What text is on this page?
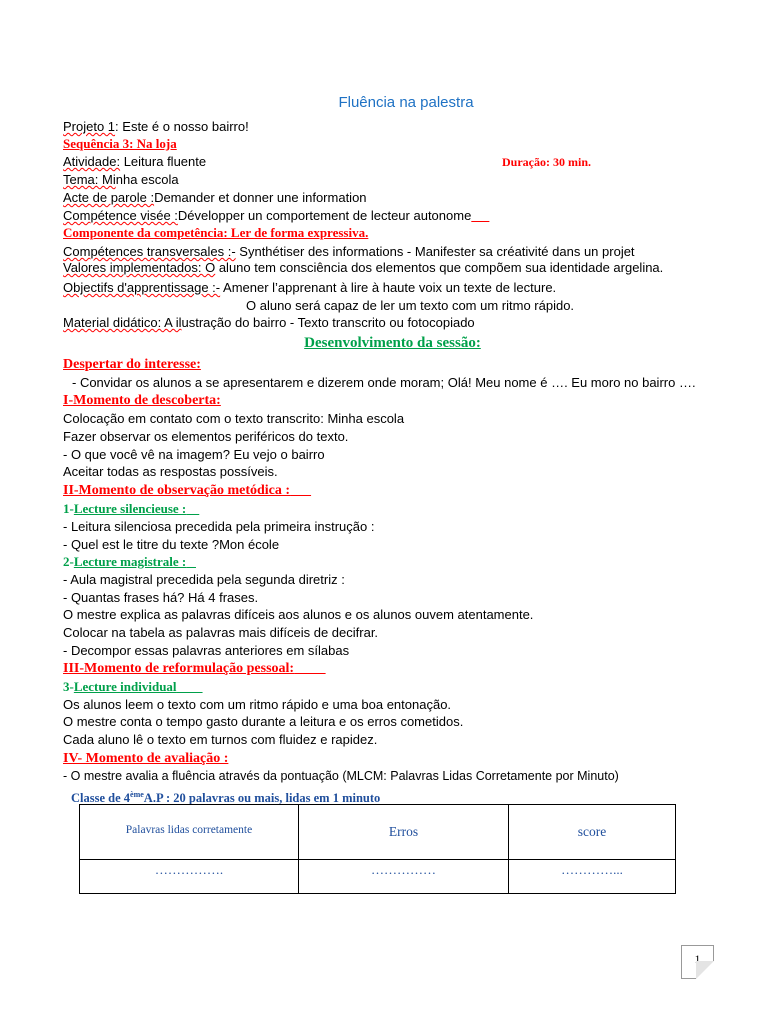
Fluência na palestra
Projeto 1: Este é o nosso bairro!
Sequência 3: Na loja
Atividade: Leitura fluente	Duração: 30 min.
Tema: Minha escola
Acte de parole :Demander et donner une information
Compétence visée :Développer un comportement de lecteur autonome
Componente da competência: Ler de forma expressiva.
Compétences transversales :- Synthétiser des informations - Manifester sa créativité dans un projet
Valores implementados: O aluno tem consciência dos elementos que compõem sua identidade argelina.
Objectifs d'apprentissage :- Amener l’apprenant à lire à haute voix un texte de lecture.
O aluno será capaz de ler um texto com um ritmo rápido.
Material didático: A ilustração do bairro - Texto transcrito ou fotocopiado
Desenvolvimento da sessão:
Despertar do interesse:
- Convidar os alunos a se apresentarem e dizerem onde moram; Olá! Meu nome é …. Eu moro no bairro ….
I-Momento de descoberta:
Colocação em contato com o texto transcrito: Minha escola
Fazer observar os elementos periféricos do texto.
- O que você vê na imagem? Eu vejo o bairro
Aceitar todas as respostas possíveis.
II-Momento de observação metódica :
1-Lecture silencieuse :
- Leitura silenciosa precedida pela primeira instrução :
- Quel est le titre du texte ?Mon école
2-Lecture magistrale :
- Aula magistral precedida pela segunda diretriz :
- Quantas frases há? Há 4 frases.
O mestre explica as palavras difíceis aos alunos e os alunos ouvem atentamente.
Colocar na tabela as palavras mais difíceis de decifrar.
- Decompor essas palavras anteriores em sílabas
III-Momento de reformulação pessoal:
3-Lecture individual
Os alunos leem o texto com um ritmo rápido e uma boa entonação.
O mestre conta o tempo gasto durante a leitura e os erros cometidos.
Cada aluno lê o texto em turnos com fluidez e rapidez.
IV- Momento de avaliação :
- O mestre avalia a fluência através da pontuação (MLCM: Palavras Lidas Corretamente por Minuto)
Classe de 4èmeA.P : 20 palavras ou mais, lidas em 1 minuto
Palavras lidas corretamente	Erros	score
…………….	……………	…………...
1
